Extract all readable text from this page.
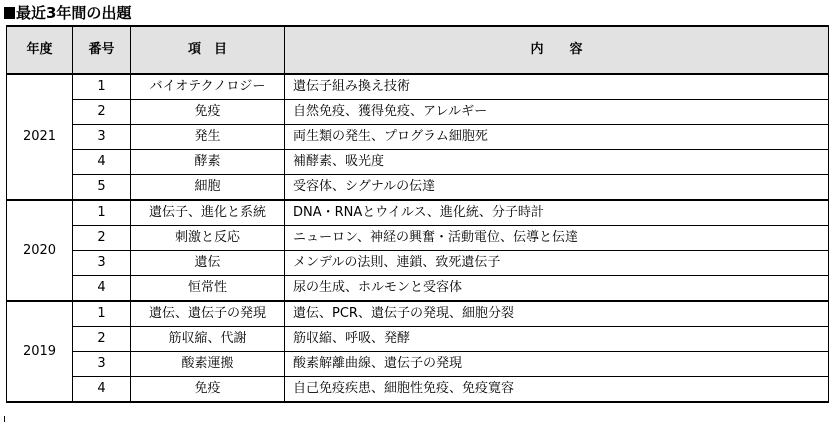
最近3年間の出題
年度	番号	項　目	内　　容
2021	1	バイオテクノロジー	遺伝子組み換え技術
	2	免疫	自然免疫、獲得免疫、アレルギー
	3	発生	両生類の発生、プログラム細胞死
	4	酵素	補酵素、吸光度
	5	細胞	受容体、シグナルの伝達
2020	1	遺伝子、進化と系統	DNA・RNAとウイルス、進化統、分子時計
	2	刺激と反応	ニューロン、神経の興奮・活動電位、伝導と伝達
	3	遺伝	メンデルの法則、連鎖、致死遺伝子
	4	恒常性	尿の生成、ホルモンと受容体
2019	1	遺伝、遺伝子の発現	遺伝、PCR、遺伝子の発現、細胞分裂
	2	筋収縮、代謝	筋収縮、呼吸、発酵
	3	酸素運搬	酸素解離曲線、遺伝子の発現
	4	免疫	自己免疫疾患、細胞性免疫、免疫寛容
